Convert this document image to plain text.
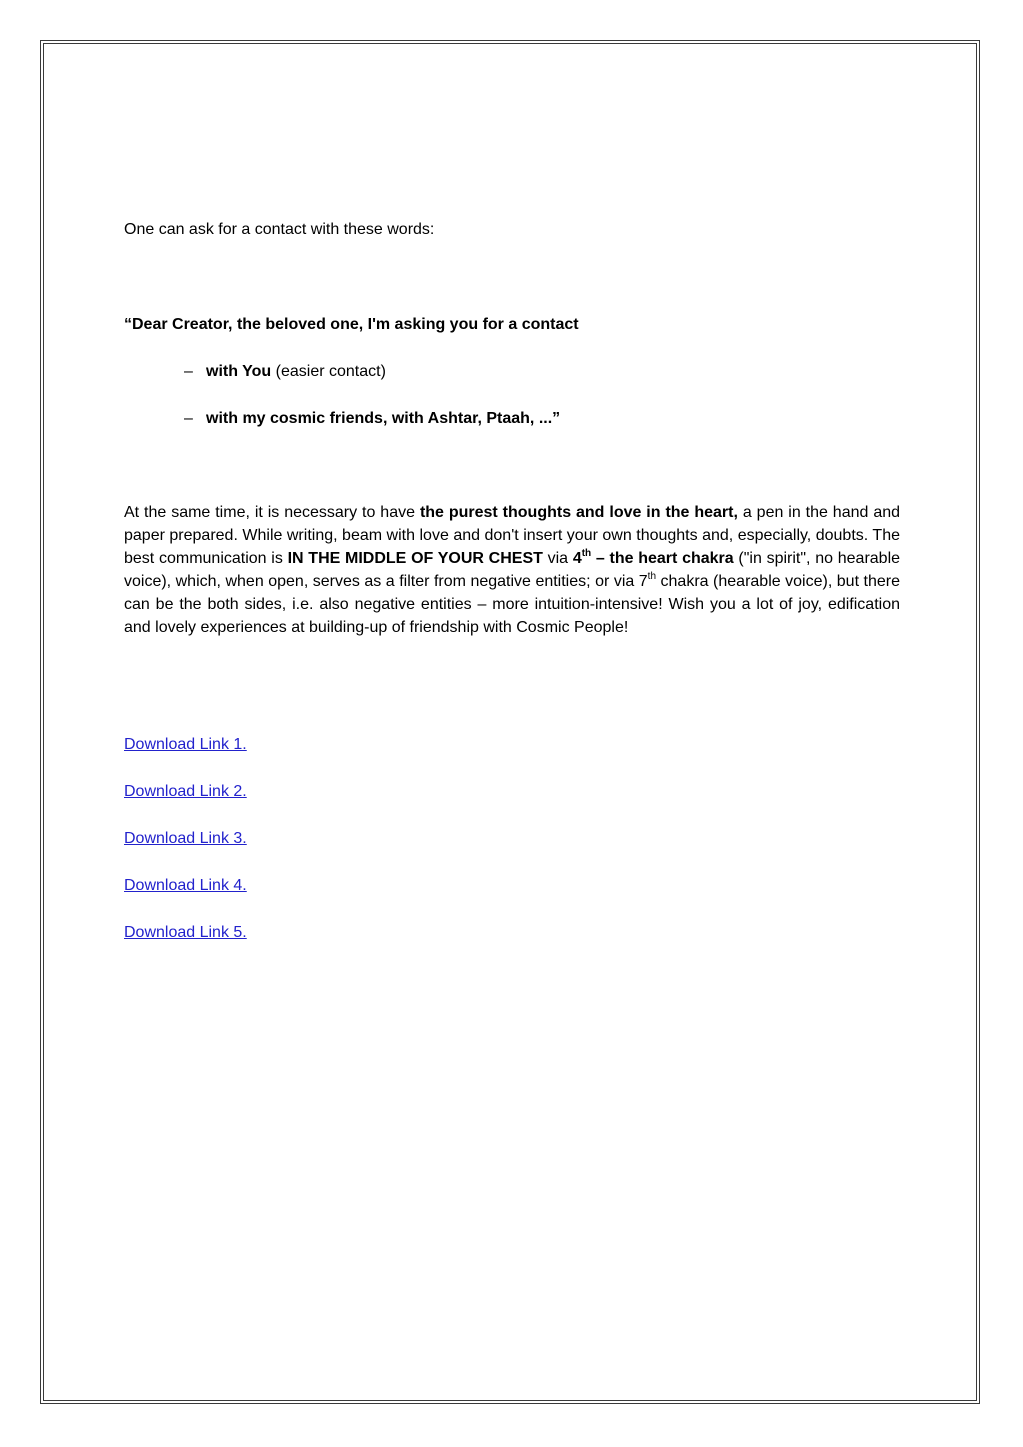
One can ask for a contact with these words:

“Dear Creator, the beloved one, I'm asking you for a contact

– with You (easier contact)
– with my cosmic friends, with Ashtar, Ptaah, ...”

At the same time, it is necessary to have the purest thoughts and love in the heart, a pen in the hand and paper prepared. While writing, beam with love and don't insert your own thoughts and, especially, doubts. The best communication is IN THE MIDDLE OF YOUR CHEST via 4th – the heart chakra ("in spirit", no hearable voice), which, when open, serves as a filter from negative entities; or via 7th chakra (hearable voice), but there can be the both sides, i.e. also negative entities – more intuition-intensive! Wish you a lot of joy, edification and lovely experiences at building-up of friendship with Cosmic People!

Download Link 1.
Download Link 2.
Download Link 3.
Download Link 4.
Download Link 5.
